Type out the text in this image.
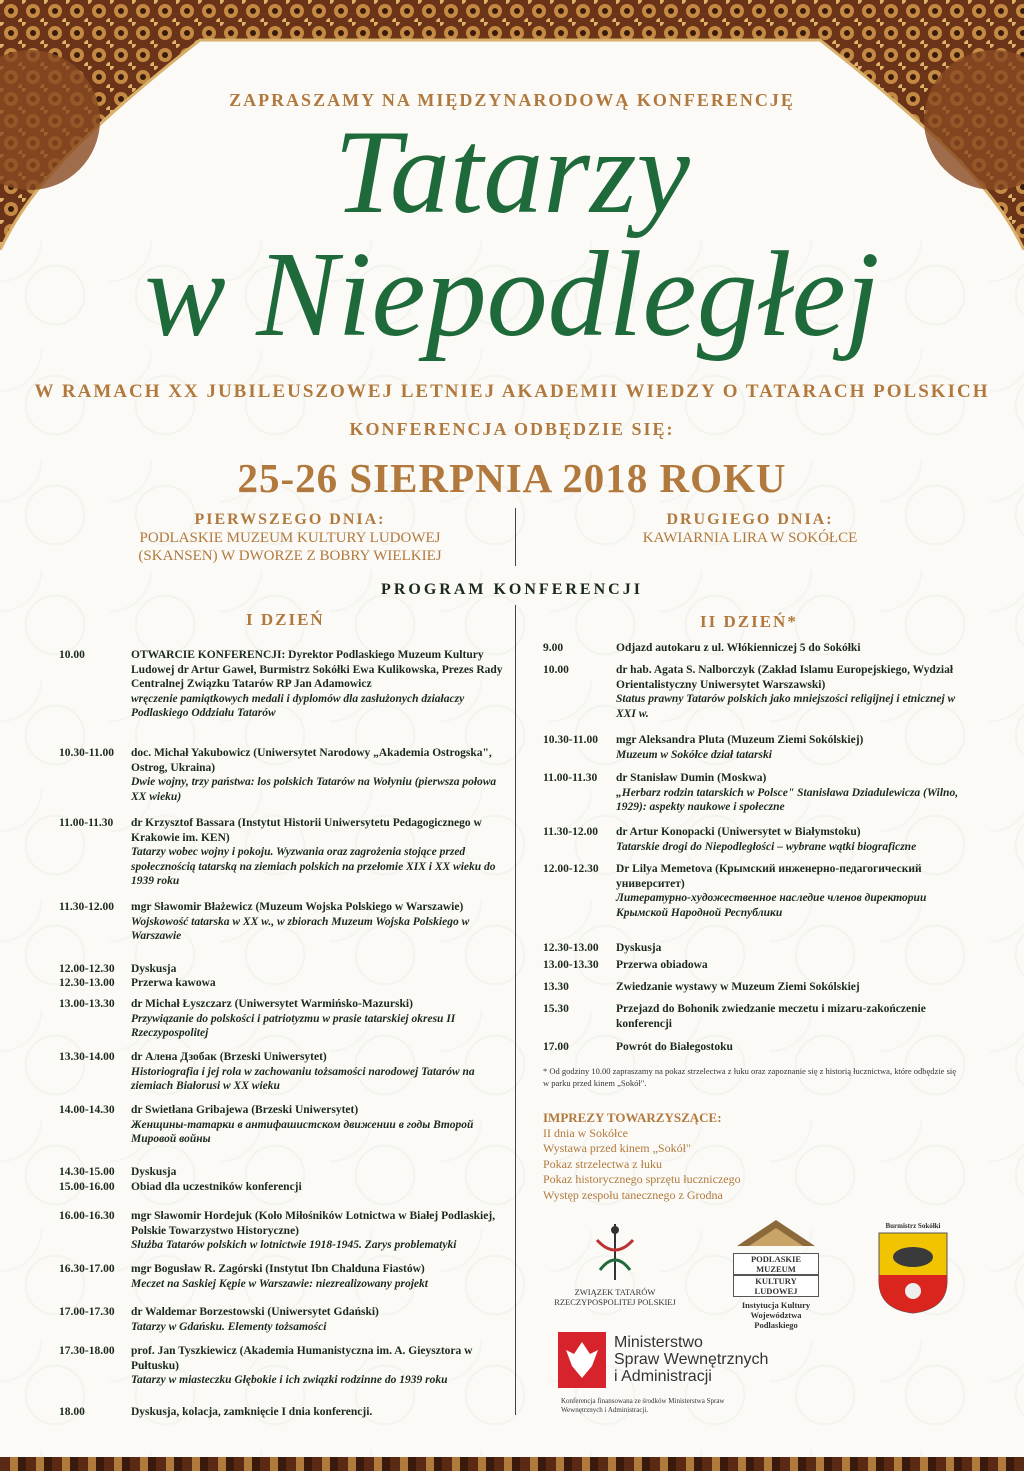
ZAPRASZAMY NA MIĘDZYNARODOWĄ KONFERENCJĘ
Tatarzy
w Niepodległej
W RAMACH XX JUBILEUSZOWEJ LETNIEJ AKADEMII WIEDZY O TATARACH POLSKICH
KONFERENCJA ODBĘDZIE SIĘ:
25-26 SIERPNIA 2018 ROKU
PIERWSZEGO DNIA:
PODLASKIE MUZEUM KULTURY LUDOWEJ (SKANSEN) W DWORZE Z BOBRY WIELKIEJ
DRUGIEGO DNIA:
KAWIARNIA LIRA W SOKÓŁCE
PROGRAM KONFERENCJI
I DZIEŃ	II DZIEŃ*
10.00	OTWARCIE KONFERENCJI: Dyrektor Podlaskiego Muzeum Kultury Ludowej dr Artur Gaweł, Burmistrz Sokółki Ewa Kulikowska, Prezes Rady Centralnej Związku Tatarów RP Jan Adamowicz
wręczenie pamiątkowych medali i dyplomów dla zasłużonych działaczy Podlaskiego Oddziału Tatarów
10.30-11.00 doc. Michał Yakubowicz (Uniwersytet Narodowy „Akademia Ostrogska", Ostrog, Ukraina)
Dwie wojny, trzy państwa: los polskich Tatarów na Wołyniu (pierwsza połowa XX wieku)
11.00-11.30 dr Krzysztof Bassara (Instytut Historii Uniwersytetu Pedagogicznego w Krakowie im. KEN)
Tatarzy wobec wojny i pokoju. Wyzwania oraz zagrożenia stojące przed społecznością tatarską na ziemiach polskich na przełomie XIX i XX wieku do 1939 roku
11.30-12.00 mgr Sławomir Błażewicz (Muzeum Wojska Polskiego w Warszawie)
Wojskowość tatarska w XX w., w zbiorach Muzeum Wojska Polskiego w Warszawie
12.00-12.30 Dyskusja
12.30-13.00 Przerwa kawowa
13.00-13.30 dr Michał Łyszczarz (Uniwersytet Warmińsko-Mazurski)
Przywiązanie do polskości i patriotyzmu w prasie tatarskiej okresu II Rzeczypospolitej
13.30-14.00 dr Алена Дзобак (Brzeski Uniwersytet)
Historiografia i jej rola w zachowaniu tożsamości narodowej Tatarów na ziemiach Białorusi w XX wieku
14.00-14.30 dr Swietłana Gribajewa (Brzeski Uniwersytet)
Женщины-татарки в антифашистском движении в годы Второй Мировой войны
14.30-15.00 Dyskusja
15.00-16.00 Obiad dla uczestników konferencji
16.00-16.30 mgr Sławomir Hordejuk (Koło Miłośników Lotnictwa w Białej Podlaskiej, Polskie Towarzystwo Historyczne)
Służba Tatarów polskich w lotnictwie 1918-1945. Zarys problematyki
16.30-17.00 mgr Bogusław R. Zagórski (Instytut Ibn Chalduna Fiastów)
Meczet na Saskiej Kępie w Warszawie: niezrealizowany projekt
17.00-17.30 dr Waldemar Borzestowski (Uniwersytet Gdański)
Tatarzy w Gdańsku. Elementy tożsamości
17.30-18.00 prof. Jan Tyszkiewicz (Akademia Humanistyczna im. A. Gieysztora w Pułtusku)
Tatarzy w miasteczku Głębokie i ich związki rodzinne do 1939 roku
18.00	Dyskusja, kolacja, zamknięcie I dnia konferencji.
9.00	Odjazd autokaru z ul. Włókienniczej 5 do Sokółki
10.00	dr hab. Agata S. Nalborczyk (Zakład Islamu Europejskiego, Wydział Orientalistyczny Uniwersytet Warszawski)
Status prawny Tatarów polskich jako mniejszości religijnej i etnicznej w XXI w.
10.30-11.00 mgr Aleksandra Pluta (Muzeum Ziemi Sokólskiej)
Muzeum w Sokółce dział tatarski
11.00-11.30 dr Stanisław Dumin (Moskwa)
„Herbarz rodzin tatarskich w Polsce" Stanisława Dziadulewicza (Wilno, 1929): aspekty naukowe i społeczne
11.30-12.00 dr Artur Konopacki (Uniwersytet w Białymstoku)
Tatarskie drogi do Niepodległości – wybrane wątki biograficzne
12.00-12.30 Dr Lilya Memetova (Крымский инженерно-педагогический университет)
Литературно-художественное наследие членов директории Крымской Народной Республики
12.30-13.00 Dyskusja
13.00-13.30 Przerwa obiadowa
13.30	Zwiedzanie wystawy w Muzeum Ziemi Sokólskiej
15.30	Przejazd do Bohonik zwiedzanie meczetu i mizaru-zakończenie konferencji
17.00	Powrót do Białegostoku
* Od godziny 10.00 zapraszamy na pokaz strzelectwa z łuku oraz zapoznanie się z historią łucznictwa, które odbędzie się w parku przed kinem „Sokół".
IMPREZY TOWARZYSZĄCE:
II dnia w Sokółce
Wystawa przed kinem „Sokół"
Pokaz strzelectwa z łuku
Pokaz historycznego sprzętu łuczniczego
Występ zespołu tanecznego z Grodna
ZWIĄZEK TATARÓW
RZECZYPOSPOLITEJ POLSKIEJ
PODLASKIE MUZEUM
KULTURY LUDOWEJ
Instytucja Kultury Województwa Podlaskiego
Burmistrz Sokółki
Ministerstwo
Spraw Wewnętrznych
i Administracji
Konferencja finansowana ze środków Ministerstwa Spraw Wewnętrznych i Administracji.
